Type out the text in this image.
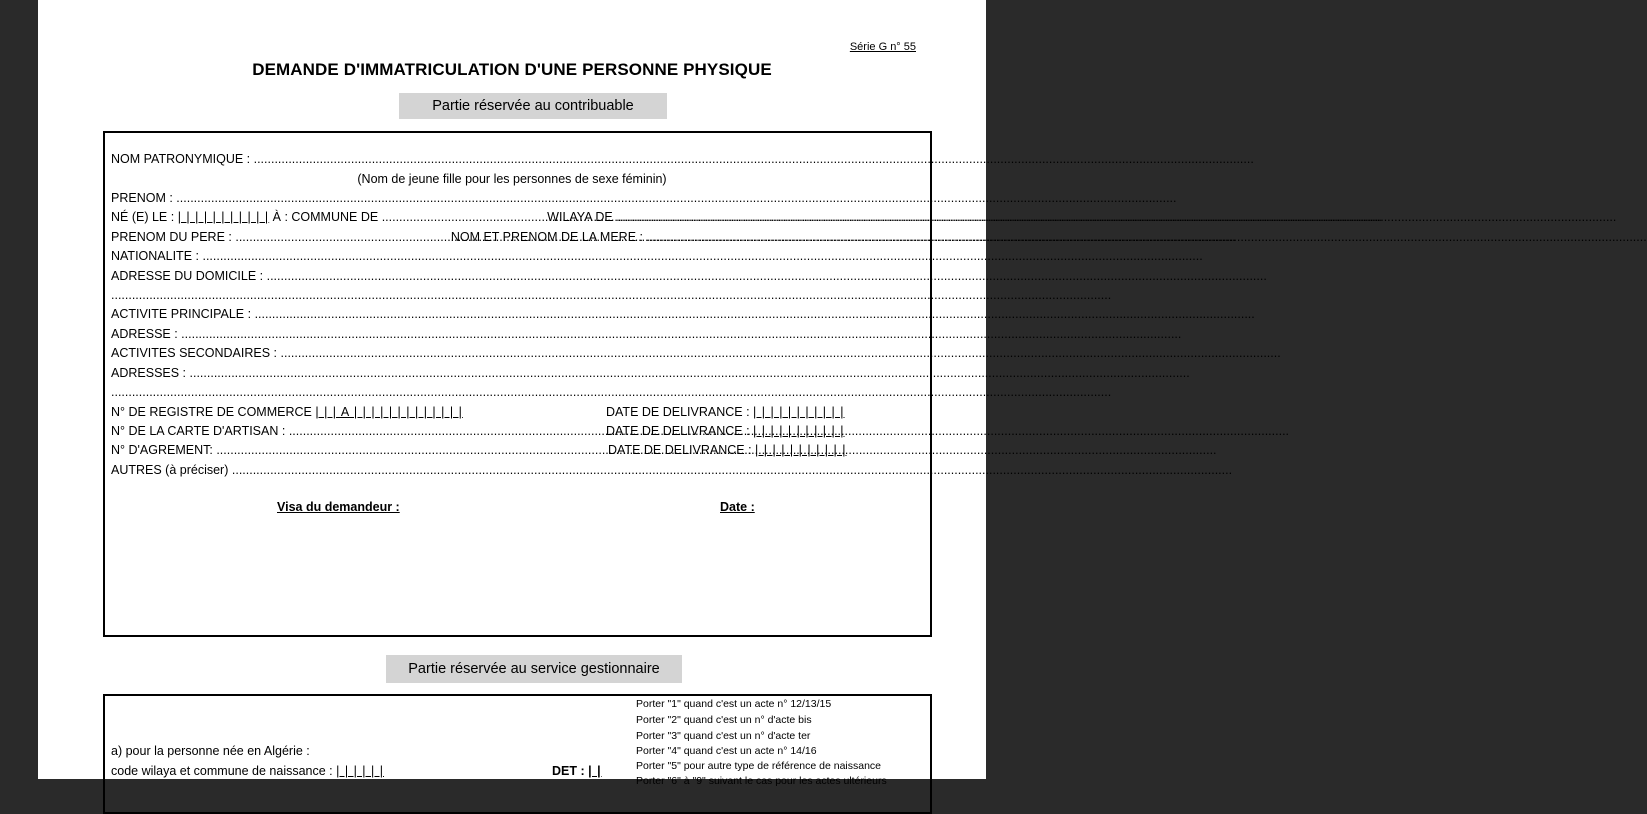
Série G n° 55
DEMANDE D'IMMATRICULATION D'UNE PERSONNE PHYSIQUE
Partie réservée au contribuable
NOM PATRONYMIQUE : .....
(Nom de jeune fille pour les personnes de sexe féminin)
PRENOM : .....
NÉ (E) LE : | | | | | | | | | | | À : COMMUNE DE .....	WILAYA DE .....
PRENOM DU PERE : .....	NOM ET PRENOM DE LA MERE : .....
NATIONALITE : .....
ADRESSE DU DOMICILE : .....
.....
ACTIVITE PRINCIPALE : .....
ADRESSE : .....
ACTIVITES SECONDAIRES : .....
ADRESSES : .....
.....
N° DE REGISTRE DE COMMERCE | | | A | | | | | | | | | | | | |	DATE DE DELIVRANCE : | | | | | | | | | | |
N° DE LA CARTE D'ARTISAN : .....	DATE DE DELIVRANCE : | | | | | | | | | | |
N° D'AGREMENT: .....	DATE DE DELIVRANCE : | | | | | | | | | | |
AUTRES (à préciser) .....
Visa du demandeur :	Date :
Partie réservée au service gestionnaire
Porter "1" quand c'est un acte n° 12/13/15
Porter "2" quand c'est un n° d'acte bis
Porter "3" quand c'est un n° d'acte ter
Porter "4" quand c'est un acte n° 14/16
Porter "5" pour autre type de référence de naissance
Porter "6" à "9" suivant le cas pour les actes ultérieurs
a) pour la personne née en Algérie :
code wilaya et commune de naissance : | | | | | |	DET : | |
